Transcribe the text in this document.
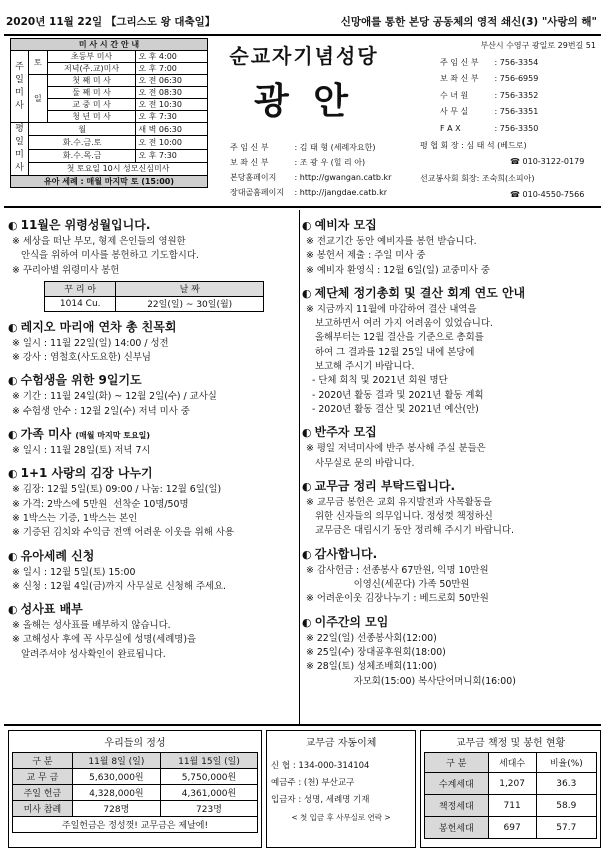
2020년 11월 22일 【그리스도 왕 대축일】	신망애를 통한 본당 공동체의 영적 쇄신(3) "사랑의 해"
미 사 시 간 안 내			
주
일
미
사	토	초등부 미사	오 후 4:00
		저녁(주.교)미사	오 후 7:00
	일	첫 째 미 사	오 전 06:30
		둘 째 미 사	오 전 08:30
		교 중 미 사	오 전 10:30
		청 년 미 사	오 후 7:30
평
일
미
사	월		새 벽 06:30
	화.수.금.토		오 전 10:00
	화.수.목.금		오 후 7:30
	첫 토요일 10시 성모신심미사		
유아 세례 : 매월 마지막 토 (15:00)			
순교자기념성당
광 안
주 임 신 부	: 김 태 형 (세례자요한)
보 좌 신 부	: 조 광 우 (힐 리 아)
본당홈페이지 : http://gwangan.catb.kr
장대골홈페이지 : http://jangdae.catb.kr
부산시 수영구 광일로 29번길 51
주 임 신 부 : 756-3354
보 좌 신 부 : 756-6959
수 녀 원	: 756-3352
사 무 실	: 756-3351
F A X	: 756-3350
평 협 회 장 : 심 태 석 (베드로)
☎ 010-3122-0179
선교봉사회 회장: 조숙희(소피아)
☎ 010-4550-7566
◐ 11월은 위령성월입니다.
※ 세상을 떠난 부모, 형제 은인들의 영원한
안식을 위하여 미사를 봉헌하고 기도합시다.
※ 꾸리아별 위령미사 봉헌
꾸 리 아	날 짜
1014 Cu.	22일(일) ~ 30일(월)
◐ 레지오 마리애 연차 총 친목회
※ 일시 : 11월 22일(일) 14:00 / 성전
※ 강사 : 염철호(사도요한) 신부님
◐ 수험생을 위한 9일기도
※ 기간 : 11월 24일(화) ~ 12월 2일(수) / 교사실
※ 수험생 안수 : 12월 2일(수) 저녁 미사 중
◐ 가족 미사 (매월 마지막 토요일)
※ 일시 : 11월 28일(토) 저녁 7시
◐ 1+1 사랑의 김장 나누기
※ 김장: 12월 5일(토) 09:00 / 나눔: 12월 6일(일)
※ 가격: 2박스에 5만원  선착순 10명/50명
※ 1박스는 기증, 1박스는 본인
※ 기증된 김치와 수익금 전액 어려운 이웃을 위해 사용
◐ 유아세례 신청
※ 일시 : 12월 5일(토) 15:00
※ 신청 : 12월 4일(금)까지 사무실로 신청해 주세요.
◐ 성사표 배부
※ 올해는 성사표를 배부하지 않습니다.
※ 고해성사 후에 꼭 사무실에 성명(세례명)을
알려주셔야 성사확인이 완료됩니다.
◐ 예비자 모집
※ 전교기간 동안 예비자를 봉헌 받습니다.
※ 봉헌서 제출 : 주일 미사 중
※ 예비자 환영식 : 12월 6일(일) 교중미사 중
◐ 제단체 정기총회 및 결산 회계 연도 안내
※ 지금까지 11월에 마감하여 결산 내역을
보고하면서 여러 가지 어려움이 있었습니다.
올해부터는 12월 결산을 기준으로 총회를
하여 그 결과를 12월 25일 내에 본당에
보고해 주시기 바랍니다.
- 단체 회칙 및 2021년 회원 명단
- 2020년 활동 결과 및 2021년 활동 계획
- 2020년 활동 결산 및 2021년 예산(안)
◐ 반주자 모집
※ 평일 저녁미사에 반주 봉사해 주실 분들은
사무실로 문의 바랍니다.
◐ 교무금 정리 부탁드립니다.
※ 교무금 봉헌은 교회 유지발전과 사목활동을
위한 신자들의 의무입니다. 정성껏 책정하신
교무금은 대림시기 동안 정리해 주시기 바랍니다.
◐ 감사합니다.
※ 감사헌금 : 선종봉사 67만원, 익명 10만원
이영신(세꾼다) 가족 50만원
※ 어려운이웃 김장나누기 : 베드로회 50만원
◐ 이주간의 모임
※ 22일(일) 선종봉사회(12:00)
※ 25일(수) 장대골후원회(18:00)
※ 28일(토) 성체조배회(11:00)
자모회(15:00) 복사단어머니회(16:00)
우리들의 정성
구 분	11월 8일 (일)	11월 15일 (일)
교 무 금	5,630,000원	5,750,000원
주일 헌금	4,328,000원	4,361,000원
미사 참례	728명	723명
주일헌금은 정성껏! 교무금은 제날에!		
교무금 자동이체
신 협 : 134-000-314104
예금주 : (천) 부산교구
입금자 : 성명, 세례명 기재
< 첫 입금 후 사무실로 연락 >
교무금 책정 및 봉헌 현황
구 분	세대수	비율(%)
수계세대	1,207	36.3
책정세대	711	58.9
봉헌세대	697	57.7
